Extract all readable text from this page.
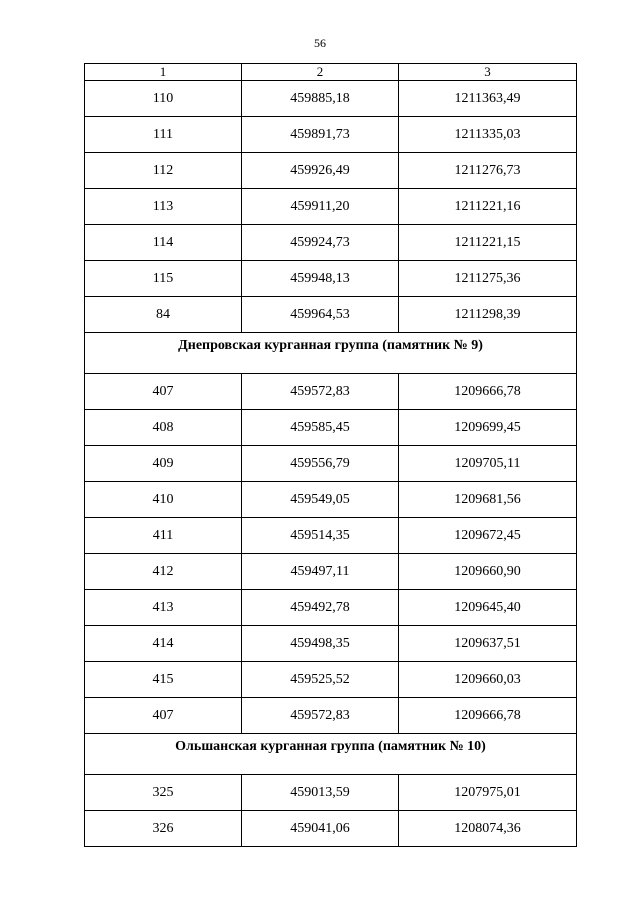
56
1	2	3
110	459885,18	1211363,49
111	459891,73	1211335,03
112	459926,49	1211276,73
113	459911,20	1211221,16
114	459924,73	1211221,15
115	459948,13	1211275,36
84	459964,53	1211298,39
Днепровская курганная группа (памятник № 9)		
407	459572,83	1209666,78
408	459585,45	1209699,45
409	459556,79	1209705,11
410	459549,05	1209681,56
411	459514,35	1209672,45
412	459497,11	1209660,90
413	459492,78	1209645,40
414	459498,35	1209637,51
415	459525,52	1209660,03
407	459572,83	1209666,78
Ольшанская курганная группа (памятник № 10)		
325	459013,59	1207975,01
326	459041,06	1208074,36
